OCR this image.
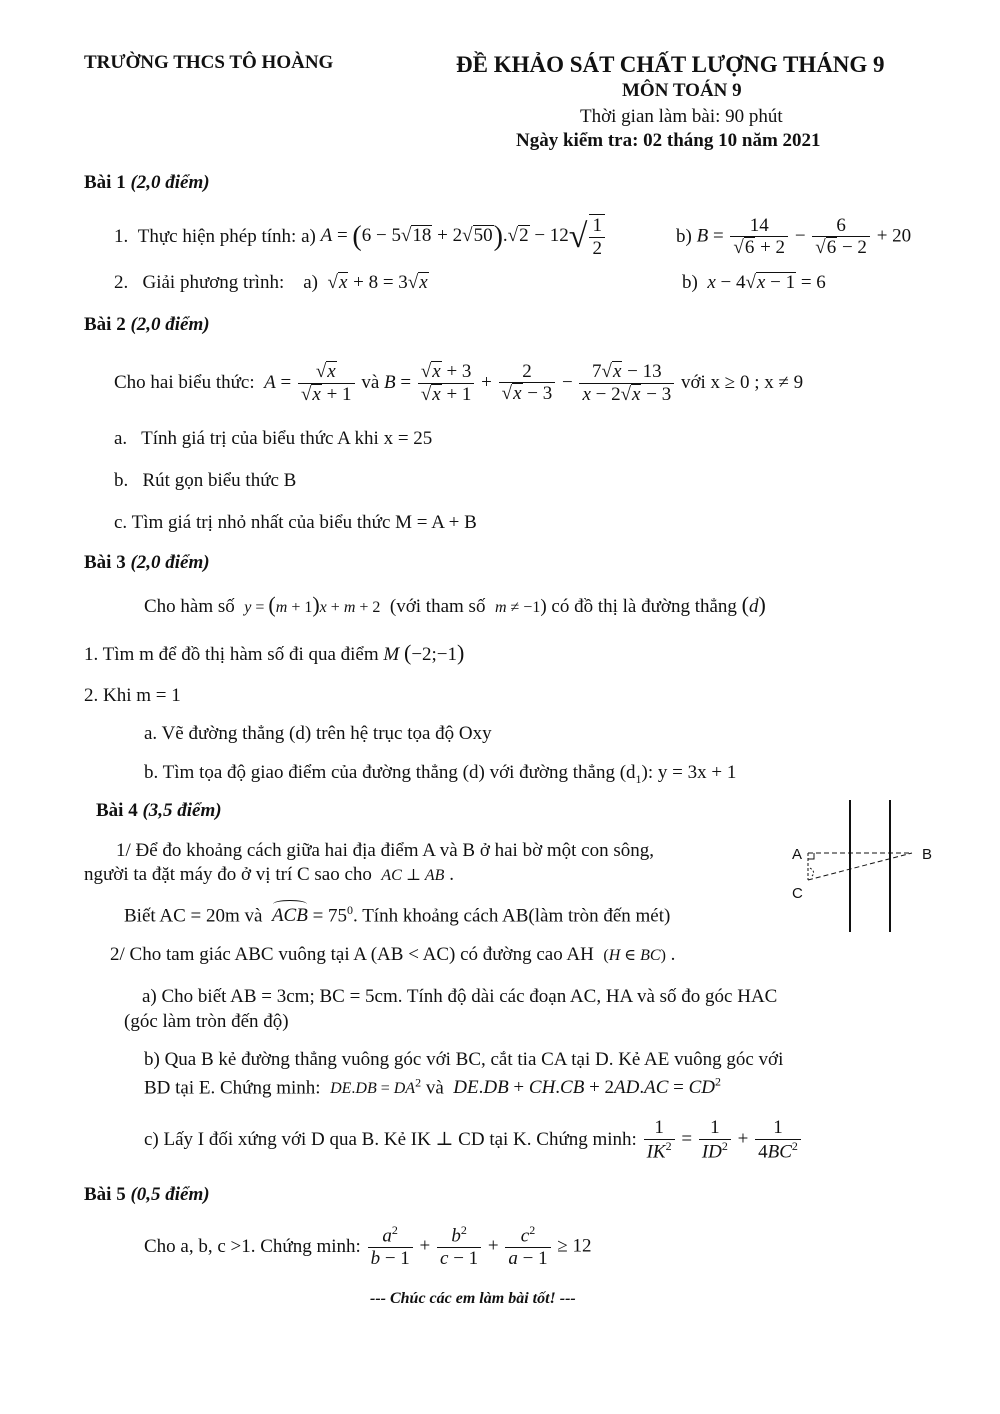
TRƯỜNG THCS TÔ HOÀNG	ĐỀ KHẢO SÁT CHẤT LƯỢNG THÁNG 9
MÔN TOÁN 9
Thời gian làm bài: 90 phút
Ngày kiểm tra: 02 tháng 10 năm 2021
Bài 1 (2,0 điểm)
1.
Thực hiện phép tính: a)
$A = (6 - 5√18 + 2√50).√2 - 12√ \frac{1}{2}$	b)
$B = \frac{14}{√6 + 2} - \frac{6}{√6 - 2} + 20$
2. Giải phương trình: a) √x + 8 = 3√x	b) x − 4√x − 1 = 6
Bài 2 (2,0 điểm)
Cho hai biểu thức:
$A = \frac{√x}{√x + 1}$
và
$B = \frac{√x + 3}{√x + 1} + \frac{2}{√x - 3} - \frac{7√x - 13}{x - 2√x - 3}$
với x ≥ 0 ; x ≠ 9
a. Tính giá trị của biểu thức A khi x = 25
b. Rút gọn biểu thức B
c. Tìm giá trị nhỏ nhất của biểu thức M = A + B
Bài 3 (2,0 điểm)
Cho hàm số y = (m + 1)x + m + 2 (với tham số m ≠ −1) có đồ thị là đường thẳng (d)
1. Tìm m để đồ thị hàm số đi qua điểm M (−2;−1)
2. Khi m = 1
a. Vẽ đường thẳng (d) trên hệ trục tọa độ Oxy
b. Tìm tọa độ giao điểm của đường thẳng (d) với đường thẳng $(d_1)$: y = 3x + 1
Bài 4 (3,5 điểm)
1/ Để đo khoảng cách giữa hai địa điểm A và B ở hai bờ một con sông,
người ta đặt máy đo ở vị trí C sao cho AC ⊥ AB .
Biết AC = 20m và ACB = $75^0$. Tính khoảng cách AB(làm tròn đến mét)
A	B
C
2/ Cho tam giác ABC vuông tại A (AB < AC) có đường cao AH (H ∈ BC) .
a) Cho biết AB = 3cm; BC = 5cm. Tính độ dài các đoạn AC, HA và số đo góc HAC
(góc làm tròn đến độ)
b) Qua B kẻ đường thẳng vuông góc với BC, cắt tia CA tại D. Kẻ AE vuông góc với
BD tại E. Chứng minh: $DE.DB = DA^2$ và $DE.DB + CH.CB + 2AD.AC = CD^2$
c) Lấy I đối xứng với D qua B. Kẻ IK ⊥ CD tại K. Chứng minh:
$\frac{1}{IK^2} = \frac{1}{ID^2} + \frac{1}{4BC^2}$
Bài 5 (0,5 điểm)
Cho a, b, c >1. Chứng minh:
$\frac{a^2}{b - 1} + \frac{b^2}{c - 1} + \frac{c^2}{a - 1} \ge 12$
--- Chúc các em làm bài tốt! ---
